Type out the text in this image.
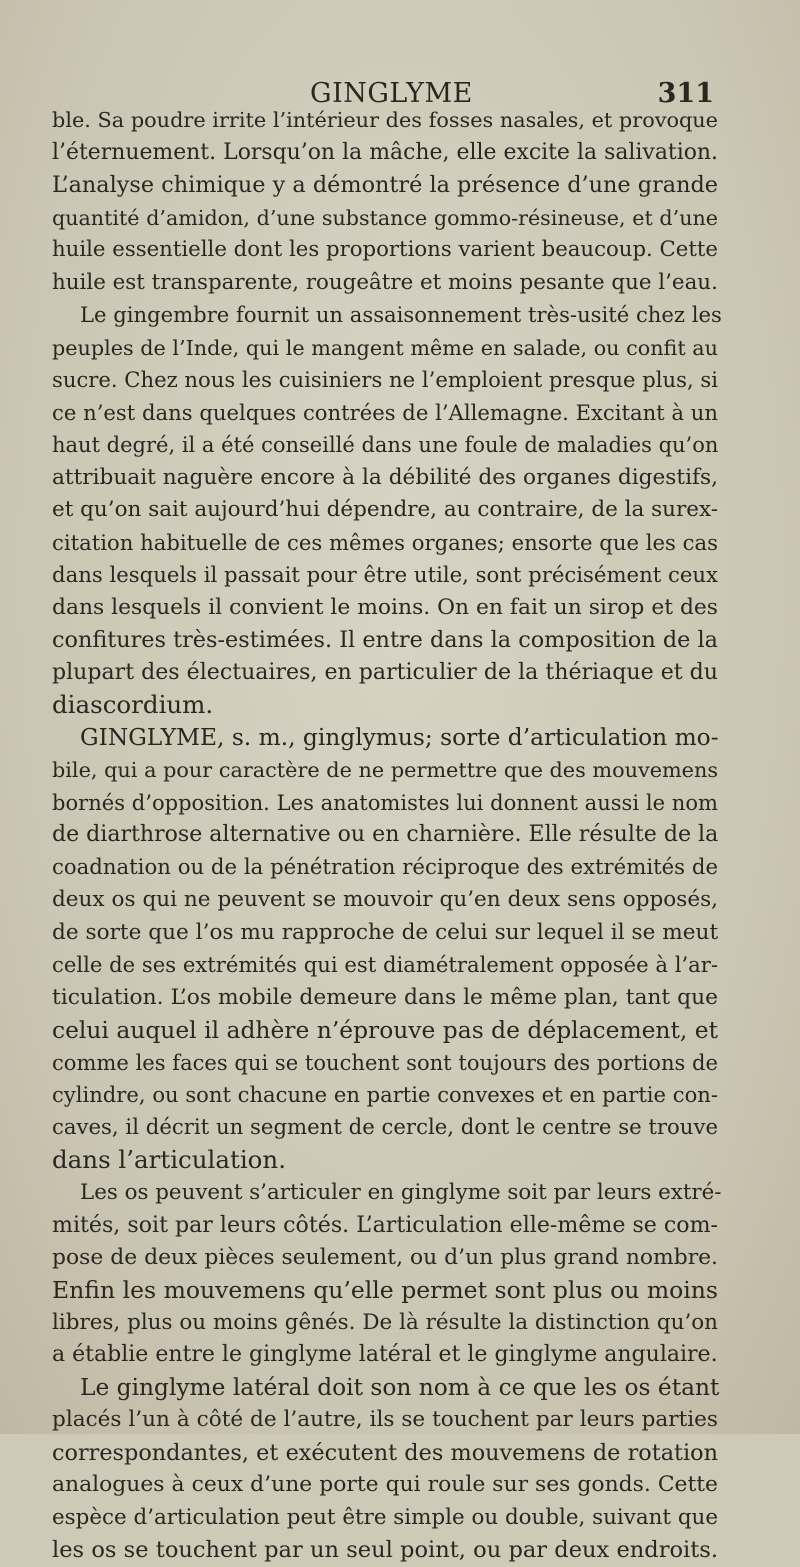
GINGLYME	311
ble. Sa poudre irrite l’intérieur des fosses nasales, et provoque
l’éternuement. Lorsqu’on la mâche, elle excite la salivation.
L’analyse chimique y a démontré la présence d’une grande
quantité d’amidon, d’une substance gommo-résineuse, et d’une
huile essentielle dont les proportions varient beaucoup. Cette
huile est transparente, rougeâtre et moins pesante que l’eau.
Le gingembre fournit un assaisonnement très-usité chez les
peuples de l’Inde, qui le mangent même en salade, ou confit au
sucre. Chez nous les cuisiniers ne l’emploient presque plus, si
ce n’est dans quelques contrées de l’Allemagne. Excitant à un
haut degré, il a été conseillé dans une foule de maladies qu’on
attribuait naguère encore à la débilité des organes digestifs,
et qu’on sait aujourd’hui dépendre, au contraire, de la surex-
citation habituelle de ces mêmes organes; ensorte que les cas
dans lesquels il passait pour être utile, sont précisément ceux
dans lesquels il convient le moins. On en fait un sirop et des
confitures très-estimées. Il entre dans la composition de la
plupart des électuaires, en particulier de la thériaque et du
diascordium.
GINGLYME, s. m., ginglymus; sorte d’articulation mo-
bile, qui a pour caractère de ne permettre que des mouvemens
bornés d’opposition. Les anatomistes lui donnent aussi le nom
de diarthrose alternative ou en charnière. Elle résulte de la
coadnation ou de la pénétration réciproque des extrémités de
deux os qui ne peuvent se mouvoir qu’en deux sens opposés,
de sorte que l’os mu rapproche de celui sur lequel il se meut
celle de ses extrémités qui est diamétralement opposée à l’ar-
ticulation. L’os mobile demeure dans le même plan, tant que
celui auquel il adhère n’éprouve pas de déplacement, et
comme les faces qui se touchent sont toujours des portions de
cylindre, ou sont chacune en partie convexes et en partie con-
caves, il décrit un segment de cercle, dont le centre se trouve
dans l’articulation.
Les os peuvent s’articuler en ginglyme soit par leurs extré-
mités, soit par leurs côtés. L’articulation elle-même se com-
pose de deux pièces seulement, ou d’un plus grand nombre.
Enfin les mouvemens qu’elle permet sont plus ou moins
libres, plus ou moins gênés. De là résulte la distinction qu’on
a établie entre le ginglyme latéral et le ginglyme angulaire.
Le ginglyme latéral doit son nom à ce que les os étant
placés l’un à côté de l’autre, ils se touchent par leurs parties
correspondantes, et exécutent des mouvemens de rotation
analogues à ceux d’une porte qui roule sur ses gonds. Cette
espèce d’articulation peut être simple ou double, suivant que
les os se touchent par un seul point, ou par deux endroits.
